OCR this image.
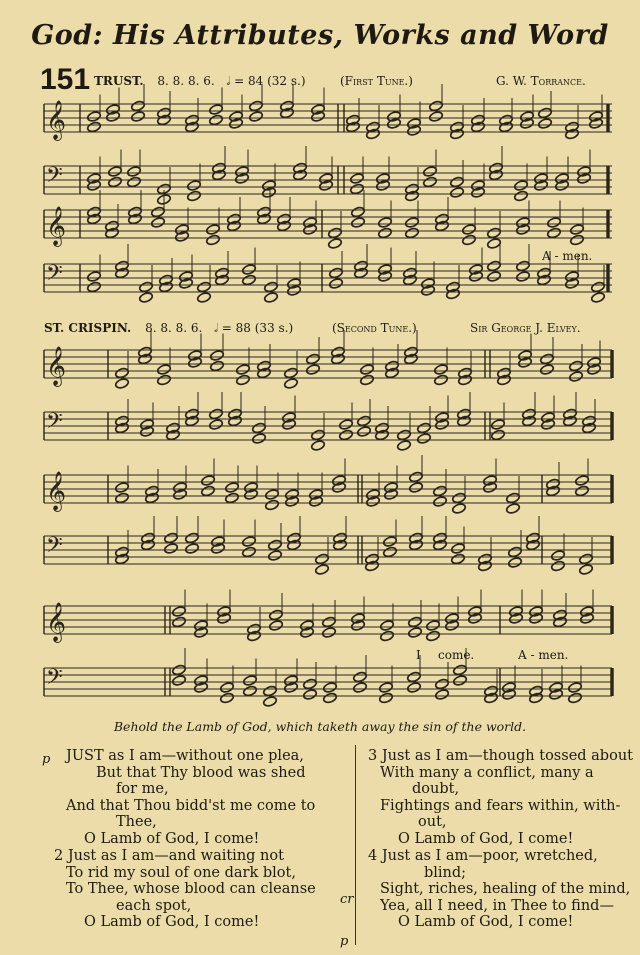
God: His Attributes, Works and Word
151 TRUST. 8. 8. 8. 6. 𝅗𝅥 = 84 (32 s.)	(First Tune.)	G. W. Torrance.
ST. CRISPIN. 8. 8. 8. 6. 𝅗𝅥 = 88 (33 s.)	(Second Tune.)	Sir George J. Elvey.
𝄞
𝄢
𝄞
𝄢
𝄞
𝄢
𝄞
𝄢
𝄞
𝄢
A - men.
I come.	A - men.
Behold the Lamb of God, which taketh away the sin of the world.
p
cr
p
JUST as I am—without one plea,
But that Thy blood was shed
for me,
And that Thou bidd'st me come to
Thee,
O Lamb of God, I come!
2 Just as I am—and waiting not
To rid my soul of one dark blot,
To Thee, whose blood can cleanse
each spot,
O Lamb of God, I come!
3 Just as I am—though tossed about
With many a conflict, many a
doubt,
Fightings and fears within, with-
out,
O Lamb of God, I come!
4 Just as I am—poor, wretched,
blind;
Sight, riches, healing of the mind,
Yea, all I need, in Thee to find—
O Lamb of God, I come!
